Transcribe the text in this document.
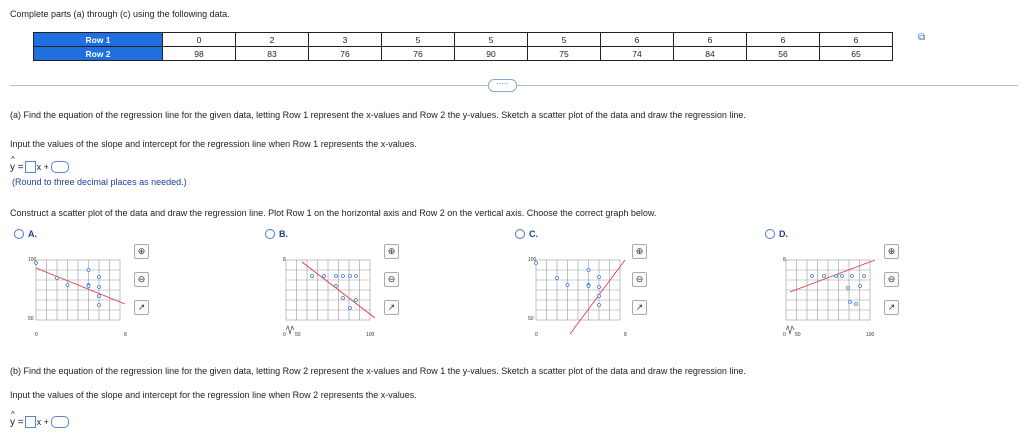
Complete parts (a) through (c) using the following data.
Row 1	0	2	3	5	5	5	6	6	6	6
Row 2	98	83	76	76	90	75	74	84	56	65
⧉
·····
(a) Find the equation of the regression line for the given data, letting Row 1 represent the x-values and Row 2 the y-values. Sketch a scatter plot of the data and draw the regression line.
Input the values of the slope and intercept for the regression line when Row 1 represents the x-values.
^
y = x +
(Round to three decimal places as needed.)
Construct a scatter plot of the data and draw the regression line. Plot Row 1 on the horizontal axis and Row 2 on the vertical axis. Choose the correct graph below.
A.	B.	C.	D.
100
50
0	8
⊕
⊖
↗
8
0 50	100
⊕
⊖
↗
100
50
0	8
⊕
⊖
↗
8
0 50	100
⊕
⊖
↗
(b) Find the equation of the regression line for the given data, letting Row 2 represent the x-values and Row 1 the y-values. Sketch a scatter plot of the data and draw the regression line.
Input the values of the slope and intercept for the regression line when Row 2 represents the x-values.
^
y = x +
